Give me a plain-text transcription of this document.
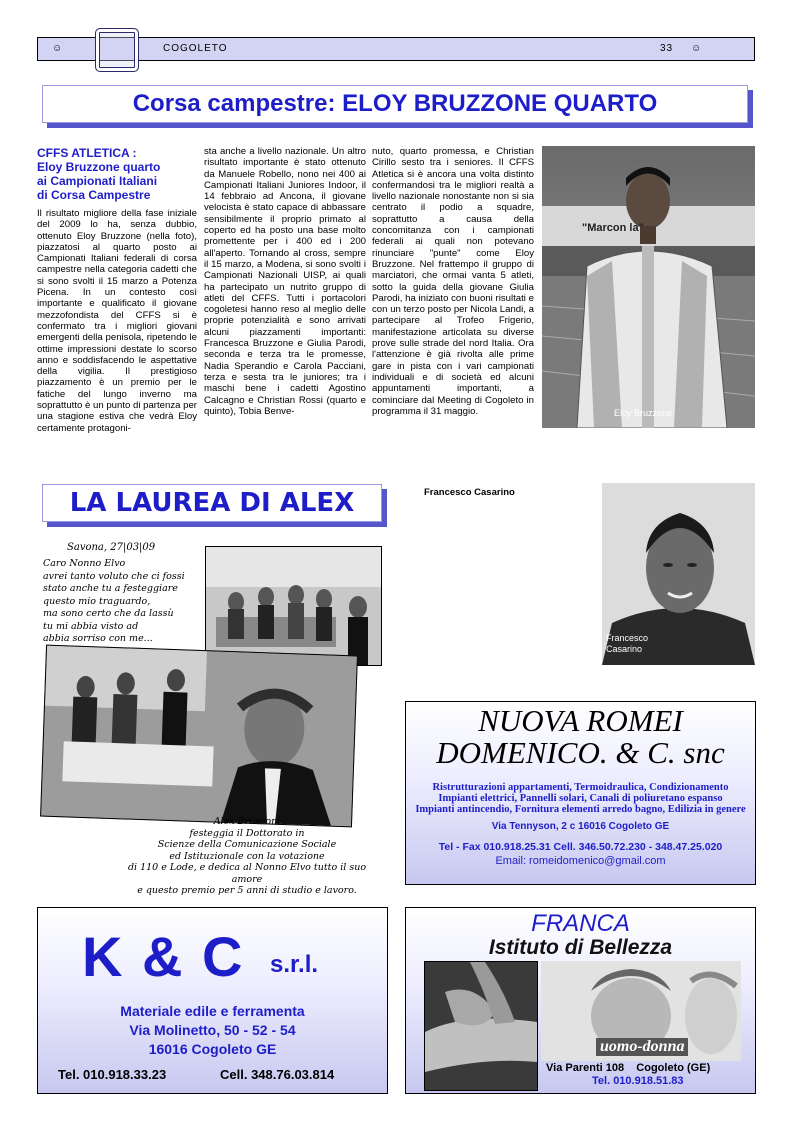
☺	COGOLETO	33 ☺
Corsa campestre: ELOY BRUZZONE QUARTO
CFFS ATLETICA :
Eloy Bruzzone quarto
ai Campionati Italiani
di Corsa Campestre

Il risultato migliore della fase iniziale del 2009 lo ha, senza dubbio, ottenuto Eloy Bruzzone (nella foto), piazzatosi al quarto posto ai Campionati Italiani federali di corsa campestre nella categoria cadetti che si sono svolti il 15 marzo a Potenza Picena. In un contesto così importante e qualificato il giovane mezzofondista del CFFS si è confermato tra i migliori giovani emergenti della penisola, ripetendo le ottime impressioni destate lo scorso anno e soddisfacendo le aspettative della vigilia. Il prestigioso piazzamento è un premio per le fatiche del lungo inverno ma soprattutto è un punto di partenza per una stagione estiva che vedrà Eloy certamente protagoni-

sta anche a livello nazionale. Un altro risultato importante è stato ottenuto da Manuele Robello, nono nei 400 ai Campionati Italiani Juniores Indoor, il 14 febbraio ad Ancona, il giovane velocista è stato capace di abbassare sensibilmente il proprio primato al coperto ed ha posto una base molto promettente per i 400 ed i 200 all'aperto. Tornando al cross, sempre il 15 marzo, a Modena, si sono svolti i Campionati Nazionali UISP, ai quali ha partecipato un nutrito gruppo di atleti del CFFS. Tutti i portacolori cogoletesi hanno reso al meglio delle proprie potenzialità e sono arrivati alcuni piazzamenti importanti: Francesca Bruzzone e Giulia Parodi, seconda e terza tra le promesse, Nadia Sperandio e Carola Pacciani, terza e sesta tra le juniores; tra i maschi bene i cadetti Agostino Calcagno e Christian Rossi (quarto e quinto), Tobia Benve-

nuto, quarto promessa, e Christian Cirillo sesto tra i seniores. Il CFFS Atletica si è ancora una volta distinto confermandosi tra le migliori realtà a livello nazionale nonostante non si sia centrato il podio a squadre, soprattutto a causa della concomitanza con i campionati federali ai quali non potevano rinunciare "punte" come Eloy Bruzzone. Nel frattempo il gruppo di marciatori, che ormai vanta 5 atleti, sotto la guida della giovane Giulia Parodi, ha iniziato con buoni risultati e con un terzo posto per Nicola Landi, a partecipare al Trofeo Frigerio, manifestazione articolata su diverse prove sulle strade del nord Italia. Ora l'attenzione è già rivolta alle prime gare in pista con i vari campionati individuali e di società ed alcuni appuntamenti importanti, a cominciare dal Meeting di Cogoleto in programma il 31 maggio.

"Marcon la"
Eloy Bruzzone
LA LAUREA DI ALEX	Francesco Casarino
Francesco Casarino
Savona, 27|03|09
Caro Nonno Elvo
avrei tanto voluto che ci fossi
stato anche tu a festeggiare
questo mio traguardo,
ma sono certo che da lassù
tu mi abbia visto ad
abbia sorriso con me...
Alex Brusconi
festeggia il Dottorato in
Scienze della Comunicazione Sociale
ed Istituzionale con la votazione
di 110 e Lode, e dedica al Nonno Elvo tutto il suo amore
e questo premio per 5 anni di studio e lavoro.
NUOVA ROMEI
DOMENICO. & C. snc
Ristrutturazioni appartamenti, Termoidraulica, Condizionamento
Impianti elettrici, Pannelli solari, Canali di poliuretano espanso
Impianti antincendio, Fornitura elementi arredo bagno, Edilizia in genere
Via Tennyson, 2 c 16016 Cogoleto GE
Tel - Fax 010.918.25.31 Cell. 346.50.72.230 - 348.47.25.020
Email: romeidomenico@gmail.com
K & C s.r.l.
Materiale edile e ferramenta
Via Molinetto, 50 - 52 - 54
16016 Cogoleto GE
Tel. 010.918.33.23	Cell. 348.76.03.814
FRANCA
Istituto di Bellezza
uomo-donna
Via Parenti 108    Cogoleto (GE)
Tel. 010.918.51.83
